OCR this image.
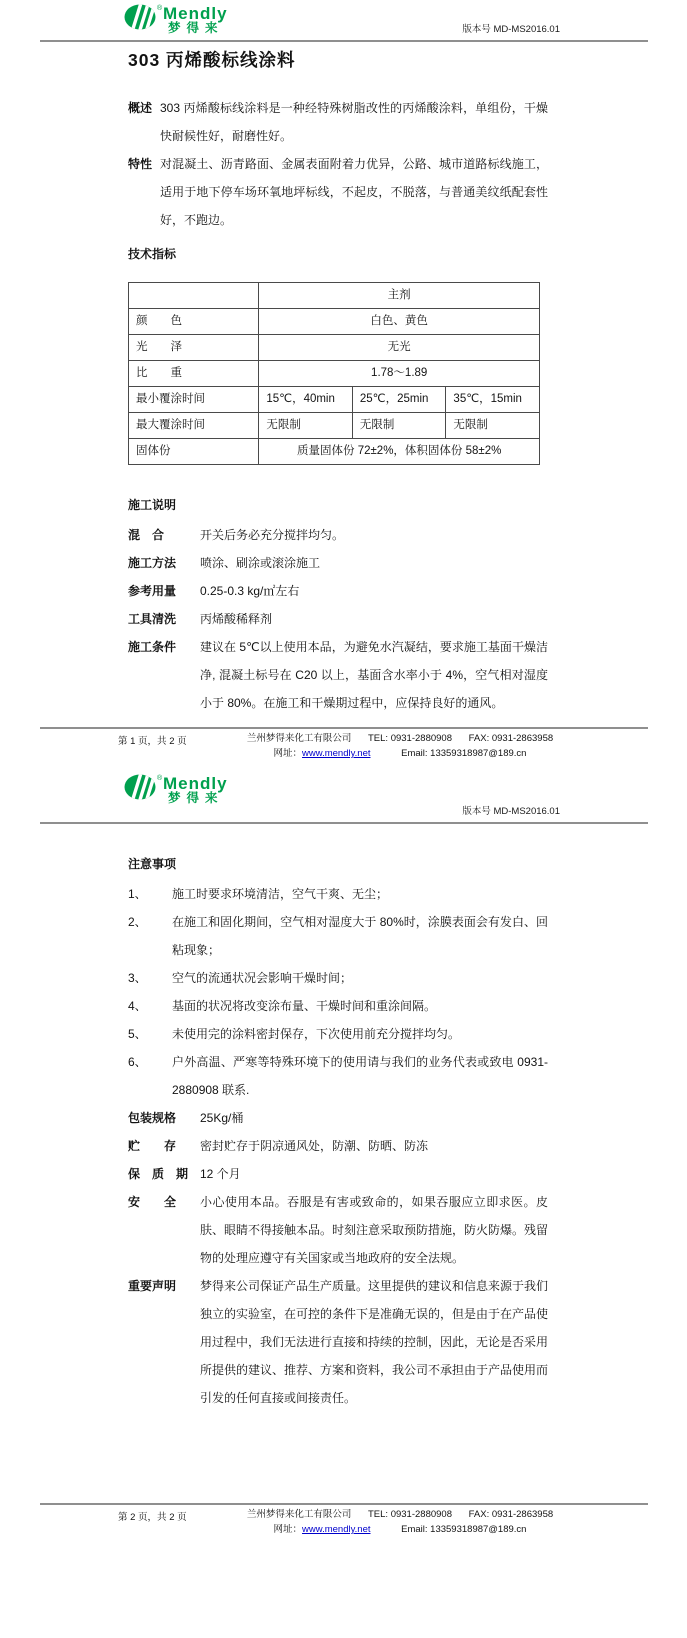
® Mendly
梦得来	版本号 MD-MS2016.01
303 丙烯酸标线涂料
概述 303 丙烯酸标线涂料是一种经特殊树脂改性的丙烯酸涂料，单组份，干燥快耐候性好，耐磨性好。
特性 对混凝土、沥青路面、金属表面附着力优异，公路、城市道路标线施工，适用于地下停车场环氧地坪标线，不起皮，不脱落，与普通美纹纸配套性好，不跑边。
技术指标
	主剂		
颜　　色	白色、黄色		
光　　泽	无光		
比　　重	1.78～1.89		
最小覆涂时间	15℃，40min	25℃，25min	35℃，15min
最大覆涂时间	无限制	无限制	无限制
固体份	质量固体份 72±2%，体积固体份 58±2%		
施工说明
混　合	开关后务必充分搅拌均匀。
施工方法	喷涂、刷涂或滚涂施工
参考用量	0.25-0.3 kg/㎡左右
工具清洗	丙烯酸稀释剂
施工条件	建议在 5℃以上使用本品，为避免水汽凝结，要求施工基面干燥洁净, 混凝土标号在 C20 以上，基面含水率小于 4%，空气相对湿度小于 80%。在施工和干燥期过程中，应保持良好的通风。
第 1 页，共 2 页	兰州梦得来化工有限公司 TEL: 0931-2880908 FAX: 0931-2863958
网址：www.mendly.net	Email: 13359318987@189.cn
® Mendly
梦得来
版本号 MD-MS2016.01
注意事项
1、	施工时要求环境清洁，空气干爽、无尘；
2、	在施工和固化期间，空气相对湿度大于 80%时，涂膜表面会有发白、回粘现象；
3、	空气的流通状况会影响干燥时间；
4、	基面的状况将改变涂布量、干燥时间和重涂间隔。
5、	未使用完的涂料密封保存，下次使用前充分搅拌均匀。
6、	户外高温、严寒等特殊环境下的使用请与我们的业务代表或致电 0931-2880908 联系.
包装规格	25Kg/桶
贮　　存	密封贮存于阴凉通风处，防潮、防晒、防冻
保　质　期 12 个月
安　　全	小心使用本品。吞服是有害或致命的，如果吞服应立即求医。皮肤、眼睛不得接触本品。时刻注意采取预防措施，防火防爆。残留物的处理应遵守有关国家或当地政府的安全法规。
重要声明	梦得来公司保证产品生产质量。这里提供的建议和信息来源于我们独立的实验室，在可控的条件下是准确无误的，但是由于在产品使用过程中，我们无法进行直接和持续的控制，因此，无论是否采用所提供的建议、推荐、方案和资料，我公司不承担由于产品使用而引发的任何直接或间接责任。
第 2 页，共 2 页	兰州梦得来化工有限公司 TEL: 0931-2880908 FAX: 0931-2863958
网址：www.mendly.net	Email: 13359318987@189.cn
